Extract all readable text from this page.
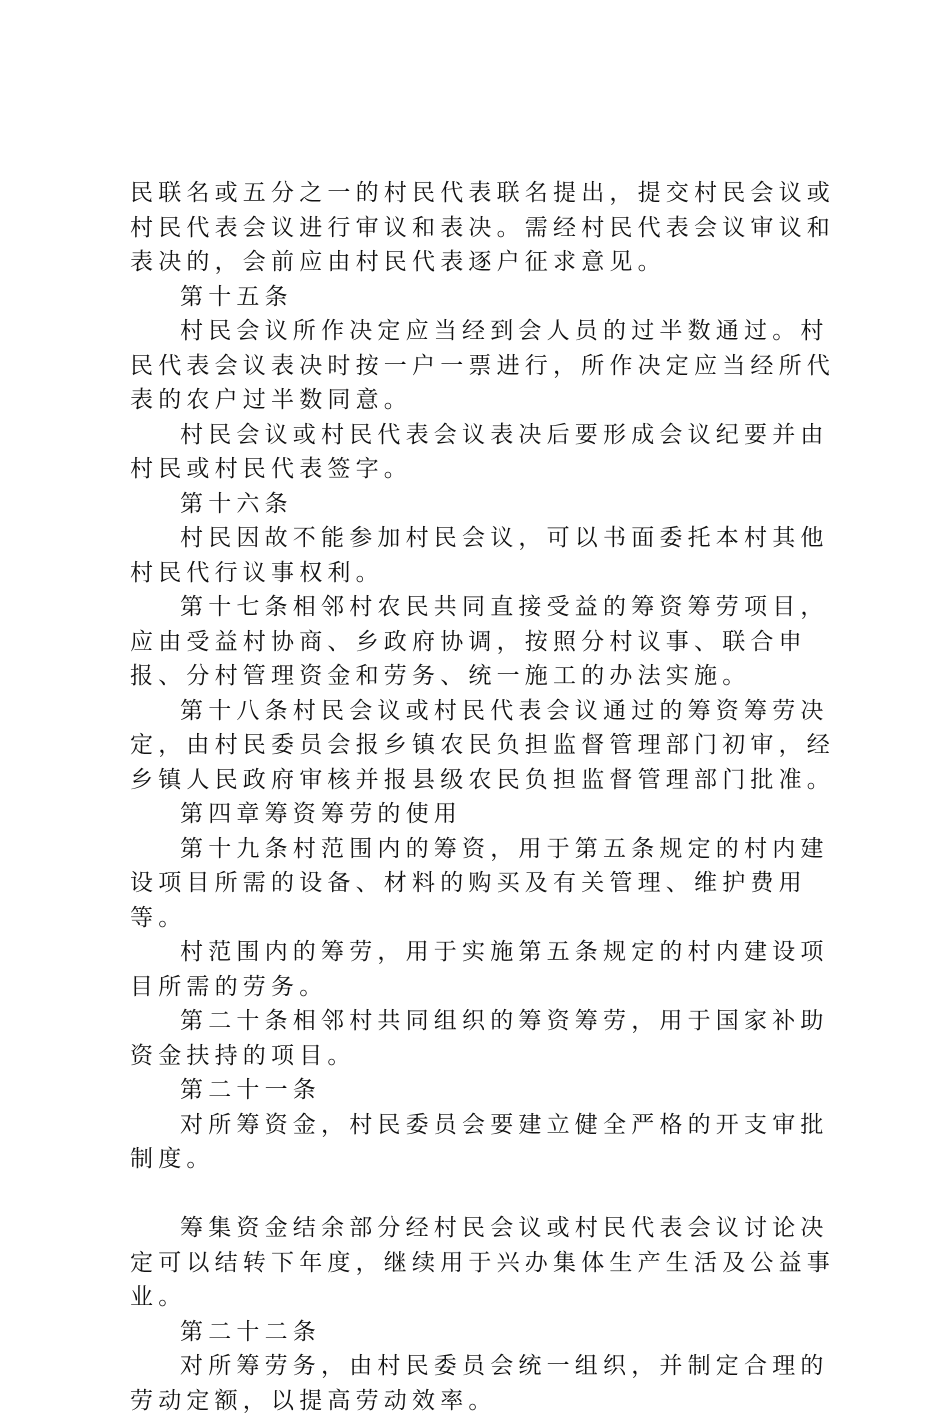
民联名或五分之一的村民代表联名提出，提交村民会议或村民代表会议进行审议和表决。需经村民代表会议审议和表决的，会前应由村民代表逐户征求意见。

第十五条

村民会议所作决定应当经到会人员的过半数通过。村民代表会议表决时按一户一票进行，所作决定应当经所代表的农户过半数同意。

村民会议或村民代表会议表决后要形成会议纪要并由村民或村民代表签字。

第十六条

村民因故不能参加村民会议，可以书面委托本村其他村民代行议事权利。

第十七条相邻村农民共同直接受益的筹资筹劳项目，应由受益村协商、乡政府协调，按照分村议事、联合申报、分村管理资金和劳务、统一施工的办法实施。

第十八条村民会议或村民代表会议通过的筹资筹劳决定，由村民委员会报乡镇农民负担监督管理部门初审，经乡镇人民政府审核并报县级农民负担监督管理部门批准。

第四章筹资筹劳的使用

第十九条村范围内的筹资，用于第五条规定的村内建设项目所需的设备、材料的购买及有关管理、维护费用等。

村范围内的筹劳，用于实施第五条规定的村内建设项目所需的劳务。

第二十条相邻村共同组织的筹资筹劳，用于国家补助资金扶持的项目。

第二十一条

对所筹资金，村民委员会要建立健全严格的开支审批制度。

筹集资金结余部分经村民会议或村民代表会议讨论决定可以结转下年度，继续用于兴办集体生产生活及公益事业。

第二十二条

对所筹劳务，由村民委员会统一组织，并制定合理的劳动定额，以提高劳动效率。
